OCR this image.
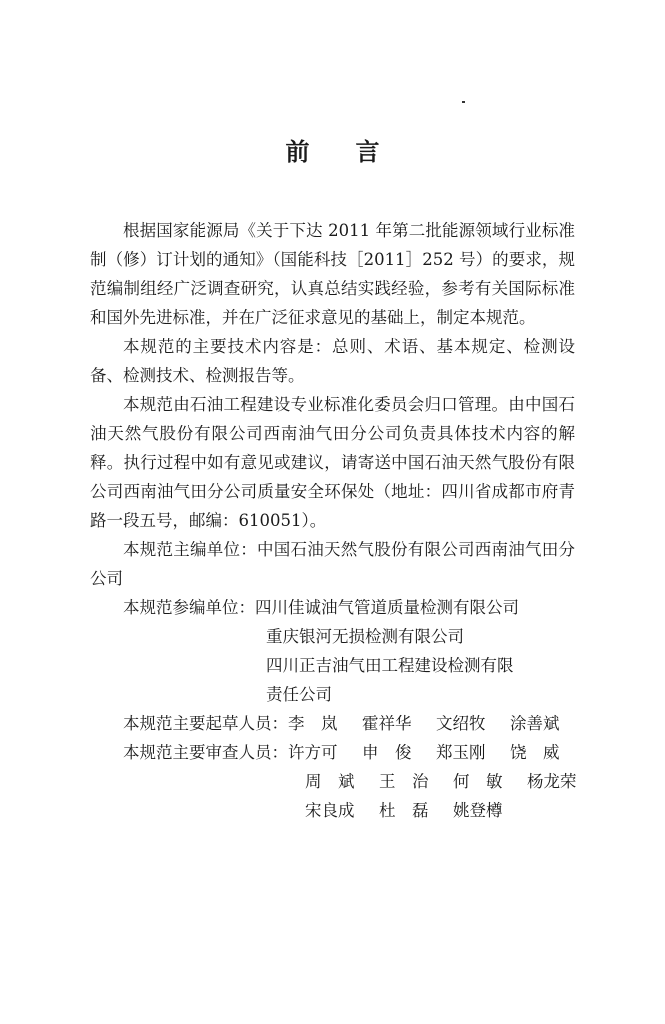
前 言

根据国家能源局《关于下达 2011 年第二批能源领域行业标准制（修）订计划的通知》（国能科技［2011］252 号）的要求，规范编制组经广泛调查研究，认真总结实践经验，参考有关国际标准和国外先进标准，并在广泛征求意见的基础上，制定本规范。

本规范的主要技术内容是：总则、术语、基本规定、检测设备、检测技术、检测报告等。

本规范由石油工程建设专业标准化委员会归口管理。由中国石油天然气股份有限公司西南油气田分公司负责具体技术内容的解释。执行过程中如有意见或建议，请寄送中国石油天然气股份有限公司西南油气田分公司质量安全环保处（地址：四川省成都市府青路一段五号，邮编：610051）。

本规范主编单位：中国石油天然气股份有限公司西南油气田分公司

本规范参编单位： 四川佳诚油气管道质量检测有限公司
重庆银河无损检测有限公司
四川正吉油气田工程建设检测有限责任公司
本规范主要起草人员： 李　岚	霍祥华	文绍牧	涂善斌
本规范主要审查人员： 许方可	申　俊	郑玉刚	饶　威
周　斌	王　治	何　敏	杨龙荣
宋良成	杜　磊	姚登樽
